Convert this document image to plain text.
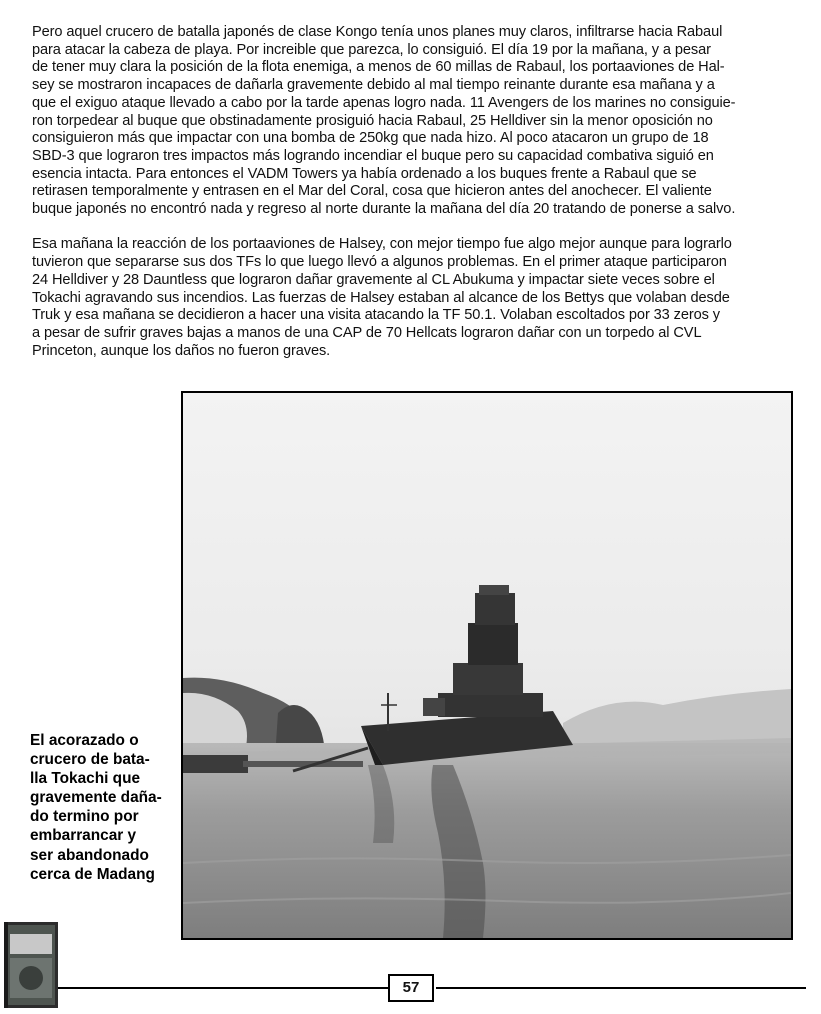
Pero aquel crucero de batalla japonés de clase Kongo tenía unos planes muy claros, infiltrarse hacia Rabaul
para atacar la cabeza de playa. Por increible que parezca, lo consiguió. El día 19 por la mañana, y a pesar
de tener muy clara la posición de la flota enemiga, a menos de 60 millas de Rabaul, los portaaviones de Hal-
sey se mostraron incapaces de dañarla gravemente debido al mal tiempo reinante durante esa mañana y a
que el exiguo ataque llevado a cabo por la tarde apenas logro nada. 11 Avengers de los marines no consiguie-
ron torpedear al buque que obstinadamente prosiguió hacia Rabaul, 25 Helldiver sin la menor oposición no
consiguieron más que impactar con una bomba de 250kg que nada hizo. Al poco atacaron un grupo de 18
SBD-3 que lograron tres impactos más logrando incendiar el buque pero su capacidad combativa siguió en
esencia intacta. Para entonces el VADM Towers ya había ordenado a los buques frente a Rabaul que se
retirasen temporalmente y entrasen en el Mar del Coral, cosa que hicieron antes del anochecer. El valiente
buque japonés no encontró nada y regreso al norte durante la mañana del día 20 tratando de ponerse a salvo.

Esa mañana la reacción de los portaaviones de Halsey, con mejor tiempo fue algo mejor aunque para lograrlo
tuvieron que separarse sus dos TFs lo que luego llevó a algunos problemas. En el primer ataque participaron
24 Helldiver y 28 Dauntless que lograron dañar gravemente al CL Abukuma y impactar siete veces sobre el
Tokachi agravando sus incendios. Las fuerzas de Halsey estaban al alcance de los Bettys que volaban desde
Truk y esa mañana se decidieron a hacer una visita atacando la TF 50.1. Volaban escoltados por 33 zeros y
a pesar de sufrir graves bajas a manos de una CAP de 70 Hellcats lograron dañar con un torpedo al CVL
Princeton, aunque los daños no fueron graves.

El acorazado o
crucero de bata-
lla Tokachi que
gravemente daña-
do termino por
embarrancar y
ser abandonado
cerca de Madang
57
